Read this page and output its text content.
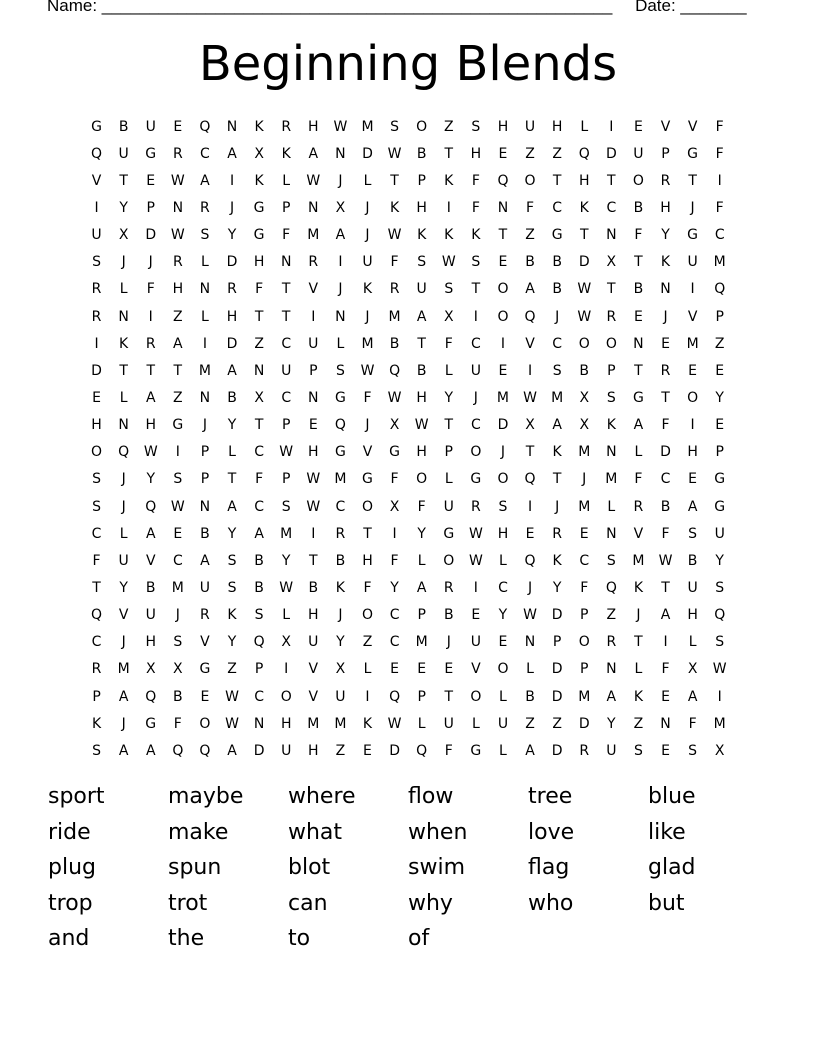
Name: ______________________________________________________ Date: _______
Beginning Blends
G	B	U	E	Q	N	K	R	H	W	M	S	O	Z	S	H	U	H	L	I	E	V	V	F
Q	U	G	R	C	A	X	K	A	N	D	W	B	T	H	E	Z	Z	Q	D	U	P	G	F
V	T	E	W	A	I	K	L	W	J	L	T	P	K	F	Q	O	T	H	T	O	R	T	I
I	Y	P	N	R	J	G	P	N	X	J	K	H	I	F	N	F	C	K	C	B	H	J	F
U	X	D	W	S	Y	G	F	M	A	J	W	K	K	K	T	Z	G	T	N	F	Y	G	C
S	J	J	R	L	D	H	N	R	I	U	F	S	W	S	E	B	B	D	X	T	K	U	M
R	L	F	H	N	R	F	T	V	J	K	R	U	S	T	O	A	B	W	T	B	N	I	Q
R	N	I	Z	L	H	T	T	I	N	J	M	A	X	I	O	Q	J	W	R	E	J	V	P
I	K	R	A	I	D	Z	C	U	L	M	B	T	F	C	I	V	C	O	O	N	E	M	Z
D	T	T	T	M	A	N	U	P	S	W	Q	B	L	U	E	I	S	B	P	T	R	E	E
E	L	A	Z	N	B	X	C	N	G	F	W	H	Y	J	M	W	M	X	S	G	T	O	Y
H	N	H	G	J	Y	T	P	E	Q	J	X	W	T	C	D	X	A	X	K	A	F	I	E
O	Q	W	I	P	L	C	W	H	G	V	G	H	P	O	J	T	K	M	N	L	D	H	P
S	J	Y	S	P	T	F	P	W	M	G	F	O	L	G	O	Q	T	J	M	F	C	E	G
S	J	Q	W	N	A	C	S	W	C	O	X	F	U	R	S	I	J	M	L	R	B	A	G
C	L	A	E	B	Y	A	M	I	R	T	I	Y	G	W	H	E	R	E	N	V	F	S	U
F	U	V	C	A	S	B	Y	T	B	H	F	L	O	W	L	Q	K	C	S	M	W	B	Y
T	Y	B	M	U	S	B	W	B	K	F	Y	A	R	I	C	J	Y	F	Q	K	T	U	S
Q	V	U	J	R	K	S	L	H	J	O	C	P	B	E	Y	W	D	P	Z	J	A	H	Q
C	J	H	S	V	Y	Q	X	U	Y	Z	C	M	J	U	E	N	P	O	R	T	I	L	S
R	M	X	X	G	Z	P	I	V	X	L	E	E	E	V	O	L	D	P	N	L	F	X	W
P	A	Q	B	E	W	C	O	V	U	I	Q	P	T	O	L	B	D	M	A	K	E	A	I
K	J	G	F	O	W	N	H	M	M	K	W	L	U	L	U	Z	Z	D	Y	Z	N	F	M
S	A	A	Q	Q	A	D	U	H	Z	E	D	Q	F	G	L	A	D	R	U	S	E	S	X
sport	maybe	where	flow	tree	blue
ride	make	what	when	love	like
plug	spun	blot	swim	flag	glad
trop	trot	can	why	who	but
and	the	to	of
